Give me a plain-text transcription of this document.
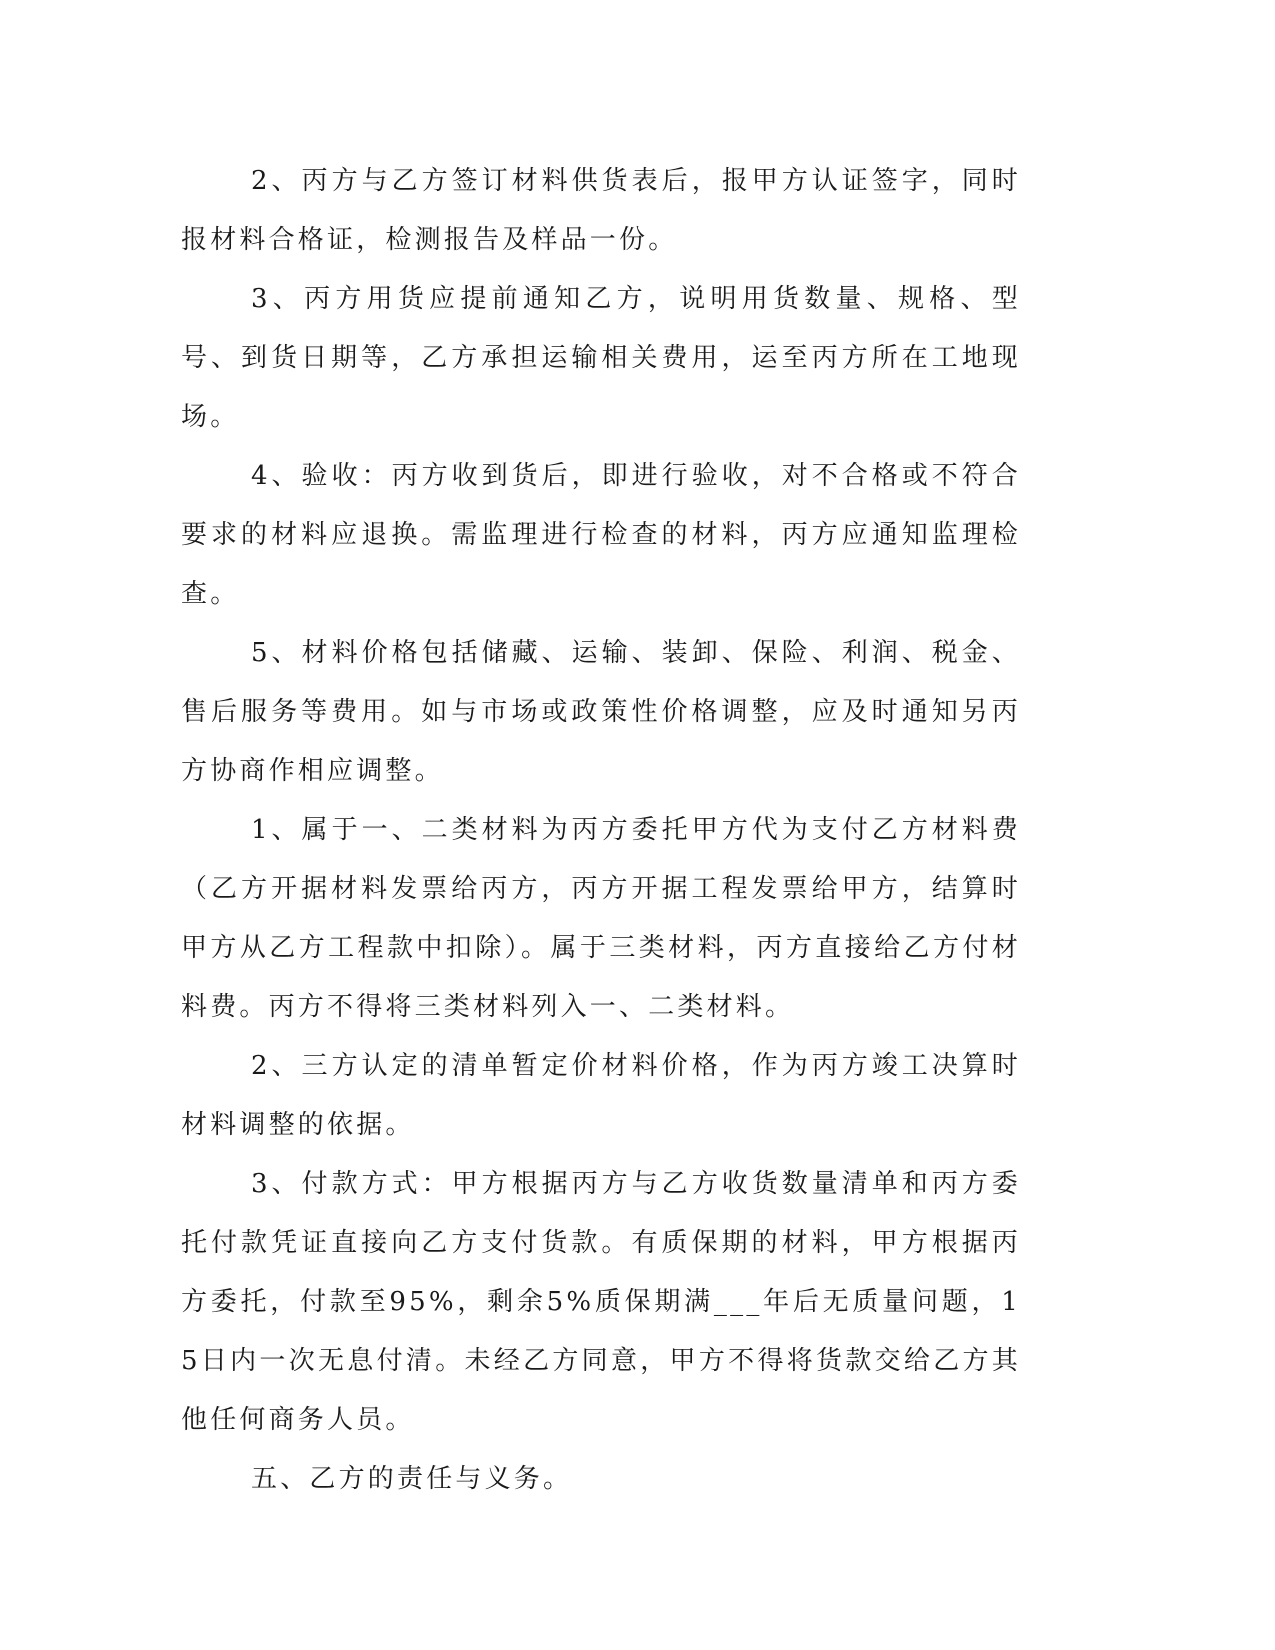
2、丙方与乙方签订材料供货表后，报甲方认证签字，同时报材料合格证，检测报告及样品一份。

3、丙方用货应提前通知乙方，说明用货数量、规格、型号、到货日期等，乙方承担运输相关费用，运至丙方所在工地现场。

4、验收：丙方收到货后，即进行验收，对不合格或不符合要求的材料应退换。需监理进行检查的材料，丙方应通知监理检查。

5、材料价格包括储藏、运输、装卸、保险、利润、税金、售后服务等费用。如与市场或政策性价格调整，应及时通知另丙方协商作相应调整。

1、属于一、二类材料为丙方委托甲方代为支付乙方材料费（乙方开据材料发票给丙方，丙方开据工程发票给甲方，结算时甲方从乙方工程款中扣除）。属于三类材料，丙方直接给乙方付材料费。丙方不得将三类材料列入一、二类材料。

2、三方认定的清单暂定价材料价格，作为丙方竣工决算时材料调整的依据。

3、付款方式：甲方根据丙方与乙方收货数量清单和丙方委托付款凭证直接向乙方支付货款。有质保期的材料，甲方根据丙方委托，付款至95%，剩余5%质保期满___年后无质量问题，15日内一次无息付清。未经乙方同意，甲方不得将货款交给乙方其他任何商务人员。

五、乙方的责任与义务。
